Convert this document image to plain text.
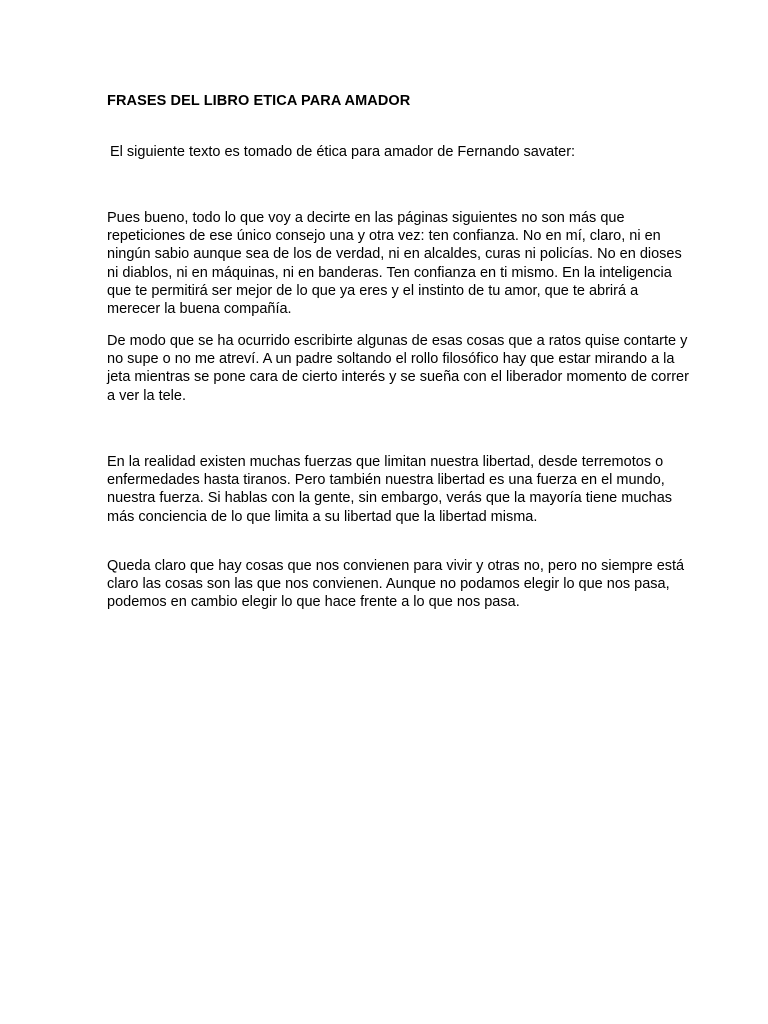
FRASES DEL LIBRO ETICA PARA AMADOR

El siguiente texto es tomado de ética para amador de Fernando savater:

Pues bueno, todo lo que voy a decirte en las páginas siguientes no son más que repeticiones de ese único consejo una y otra vez: ten confianza. No en mí, claro, ni en ningún sabio aunque sea de los de verdad, ni en alcaldes, curas ni policías. No en dioses ni diablos, ni en máquinas, ni en banderas. Ten confianza en ti mismo. En la inteligencia que te permitirá ser mejor de lo que ya eres y el instinto de tu amor, que te abrirá a merecer la buena compañía.

De modo que se ha ocurrido escribirte algunas de esas cosas que a ratos quise contarte y no supe o no me atreví. A un padre soltando el rollo filosófico hay que estar mirando a la jeta mientras se pone cara de cierto interés y se sueña con el liberador momento de correr a ver la tele.

En la realidad existen muchas fuerzas que limitan nuestra libertad, desde terremotos o enfermedades hasta tiranos. Pero también nuestra libertad es una fuerza en el mundo, nuestra fuerza. Si hablas con la gente, sin embargo, verás que la mayoría tiene muchas más conciencia de lo que limita a su libertad que la libertad misma.

Queda claro que hay cosas que nos convienen para vivir y otras no, pero no siempre está claro las cosas son las que nos convienen. Aunque no podamos elegir lo que nos pasa, podemos en cambio elegir lo que hace frente a lo que nos pasa.
